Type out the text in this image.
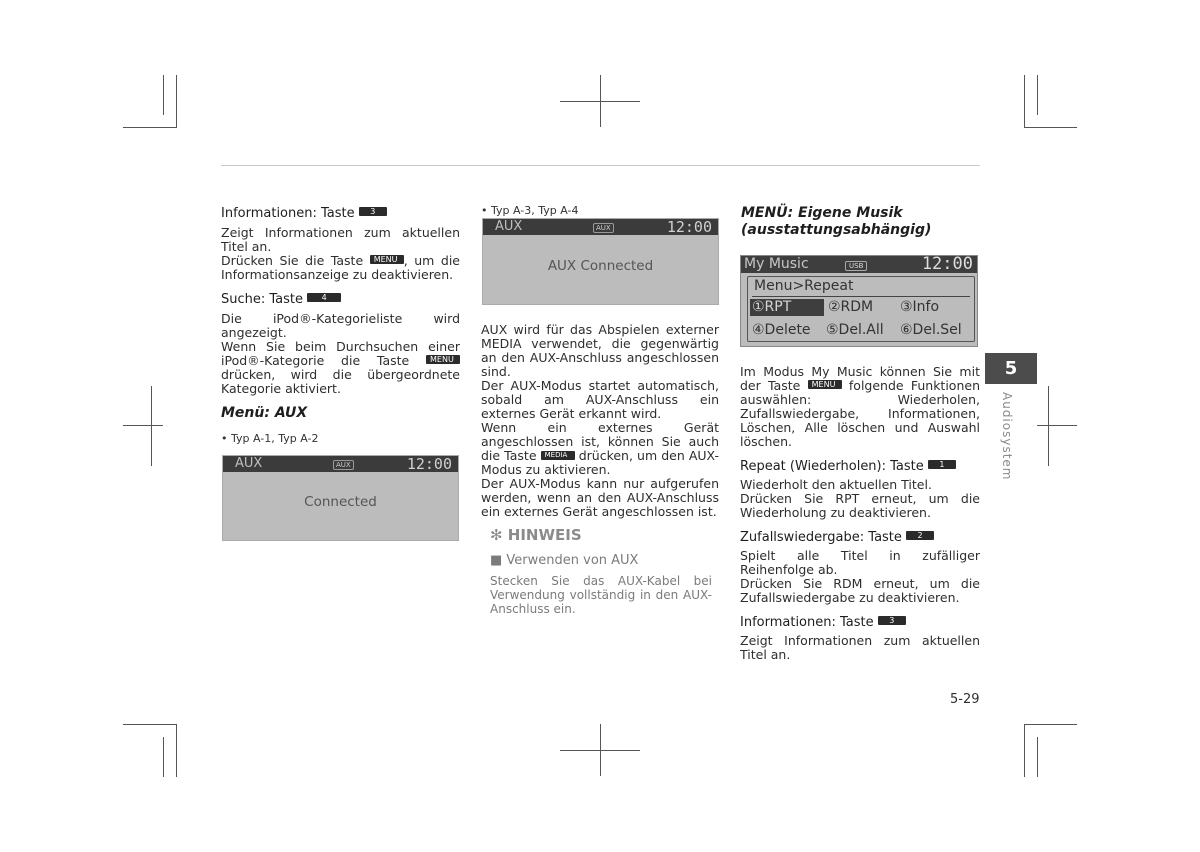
Informationen: Taste 3

Zeigt Informationen zum aktuellen Titel an.

Drücken Sie die Taste MENU , um die Informationsanzeige zu deaktivieren.

Suche: Taste 4

Die iPod®-Kategorieliste wird angezeigt.

Wenn Sie beim Durchsuchen einer iPod®-Kategorie die Taste	MENU drücken, wird die übergeordnete Kategorie aktiviert.

Menü: AUX

• Typ A-1, Typ A-2

AUX	AUX	12:00
Connected

• Typ A-3, Typ A-4

AUX	AUX	12:00
AUX Connected

AUX wird für das Abspielen externer MEDIA verwendet, die gegenwärtig an den AUX-Anschluss angeschlossen sind.

Der AUX-Modus startet automatisch, sobald am AUX-Anschluss ein externes Gerät erkannt wird.

Wenn ein externes Gerät angeschlossen ist, können Sie auch die Taste MEDIA drücken, um den AUX-Modus zu aktivieren.

Der AUX-Modus kann nur aufgerufen werden, wenn an den AUX-Anschluss ein externes Gerät angeschlossen ist.

✻ HINWEIS

■ Verwenden von AUX

Stecken Sie das AUX-Kabel bei Verwendung vollständig in den AUX-Anschluss ein.

MENÜ: Eigene Musik
(ausstattungsabhängig)

My Music	USB	12:00
Menu>Repeat
①RPT	②RDM ③Info
④Delete ⑤Del.All ⑥Del.Sel

Im Modus My Music können Sie mit der Taste MENU folgende Funktionen auswählen: Wiederholen, Zufallswiedergabe, Informationen, Löschen, Alle löschen und Auswahl löschen.

Repeat (Wiederholen): Taste 1

Wiederholt den aktuellen Titel.

Drücken Sie RPT erneut, um die Wiederholung zu deaktivieren.

Zufallswiedergabe: Taste 2

Spielt alle Titel in zufälliger Reihenfolge ab.

Drücken Sie RDM erneut, um die Zufallswiedergabe zu deaktivieren.

Informationen: Taste 3

Zeigt Informationen zum aktuellen Titel an.

5
Audiosystem
5-29
